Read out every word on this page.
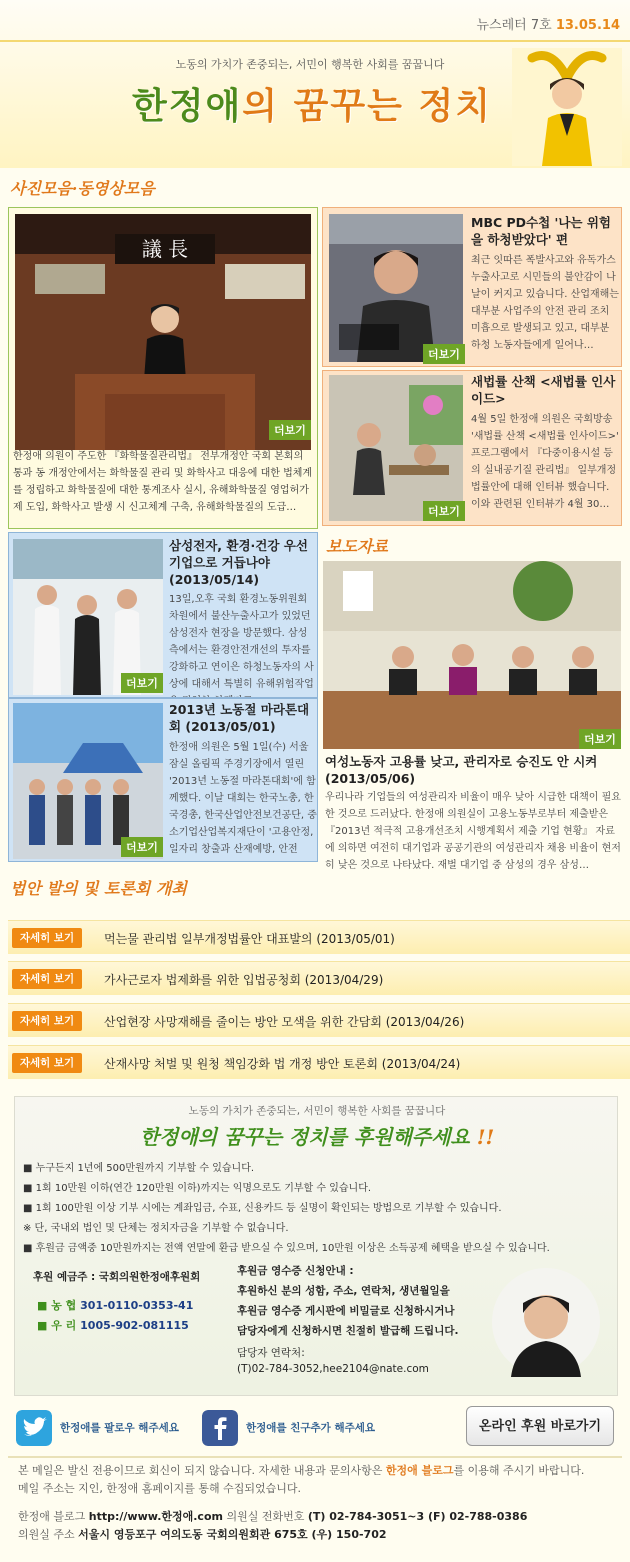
뉴스레터 7호 13.05.14
노동의 가치가 존중되는, 서민이 행복한 사회를 꿈꿉니다
한정애의 꿈꾸는 정치
사진모음·동영상모음
議 長
더보기
한정애 의원이 주도한 『화학물질관리법』 전부개정안 국회 본회의 통과 동 개정안에서는 화학물질 관리 및 화학사고 대응에 대한 법체계를 정립하고 화학물질에 대한 통계조사 실시, 유해화학물질 영업허가제 도입, 화학사고 발생 시 신고체계 구축, 유해화학물질의 도급…
더보기
MBC PD수첩 '나는 위험을 하청받았다' 편
최근 잇따른 폭발사고와 유독가스 누출사고로 시민들의 불안감이 나날이 커지고 있습니다. 산업재해는 대부분 사업주의 안전 관리 조치 미흡으로 발생되고 있고, 대부분 하청 노동자들에게 일어나…
더보기
새법률 산책 <새법률 인사이드>
4월 5일 한정애 의원은 국회방송 '새법률 산책 <새법률 인사이드>' 프로그램에서 『다중이용시설 등의 실내공기질 관리법』 일부개정 법률안에 대해 인터뷰 했습니다. 이와 관련된 인터뷰가 4월 30…
더보기
삼성전자, 환경·건강 우선 기업으로 거듭나야 (2013/05/14)
13일,오후 국회 환경노동위원회 차원에서 불산누출사고가 있었던 삼성전자 현장을 방문했다. 삼성 측에서는 환경안전개선의 투자를 강화하고 연이은 하청노동자의 사상에 대해서 특별히 유해위험작업
더보기
2013년 노동절 마라톤대회 (2013/05/01)
한정애 의원은 5월 1일(수) 서울 잠실 올림픽 주경기장에서 열린 '2013년 노동절 마라톤대회'에 함께했다. 이날 대회는 한국노총, 한국경총, 한국산업안전보건공단, 중소기업산업복지재단이 '고용안정, 일자리 창출과 산재예방, 안전
보도자료
더보기
여성노동자 고용률 낮고, 관리자로 승진도 안 시켜 (2013/05/06)
우리나라 기업들의 여성관리자 비율이 매우 낮아 시급한 대책이 필요한 것으로 드러났다. 한정애 의원실이 고용노동부로부터 제출받은 『2013년 적극적 고용개선조치 시행계획서 제출 기업 현황』 자료에 의하면 여전히 대기업과 공공기관의 여성관리자 채용 비율이 현저히 낮은 것으로 나타났다. 재벌 대기업 중 삼성의 경우 삼성…
법안 발의 및 토론회 개최
자세히 보기	먹는물 관리법 일부개정법률안 대표발의 (2013/05/01)
자세히 보기	가사근로자 법제화를 위한 입법공청회 (2013/04/29)
자세히 보기	산업현장 사망재해를 줄이는 방안 모색을 위한 간담회 (2013/04/26)
자세히 보기	산재사망 처벌 및 원청 책임강화 법 개정 방안 토론회 (2013/04/24)
노동의 가치가 존중되는, 서민이 행복한 사회를 꿈꿉니다
한정애의 꿈꾸는 정치를 후원해주세요 !!
■ 누구든지 1년에 500만원까지 기부할 수 있습니다.
■ 1회 10만원 이하(연간 120만원 이하)까지는 익명으로도 기부할 수 있습니다.
■ 1회 100만원 이상 기부 시에는 계좌입금, 수표, 신용카드 등 실명이 확인되는 방법으로 기부할 수 있습니다.
※ 단, 국내외 법인 및 단체는 정치자금을 기부할 수 없습니다.
■ 후원금 금액중 10만원까지는 전액 연말에 환급 받으실 수 있으며, 10만원 이상은 소득공제 혜택을 받으실 수 있습니다.
후원 예금주 : 국회의원한정애후원회
■ 농 협 301-0110-0353-41
■ 우 리 1005-902-081115
후원금 영수증 신청안내 :
후원하신 분의 성함, 주소, 연락처, 생년월일을
후원금 영수증 게시판에 비밀글로 신청하시거나
담당자에게 신청하시면 친절히 발급해 드립니다.
담당자 연락처:
(T)02-784-3052,hee2104@nate.com
한정애를 팔로우 해주세요	한정애를 친구추가 해주세요	온라인 후원 바로가기
본 메일은 발신 전용이므로 회신이 되지 않습니다. 자세한 내용과 문의사항은 한정애 블로그를 이용해 주시기 바랍니다.
메일 주소는 지인, 한정애 홈페이지를 통해 수집되었습니다.
한정애 블로그 http://www.한정애.com 의원실 전화번호 (T) 02-784-3051~3 (F) 02-788-0386
의원실 주소 서울시 영등포구 여의도동 국회의원회관 675호 (우) 150-702
